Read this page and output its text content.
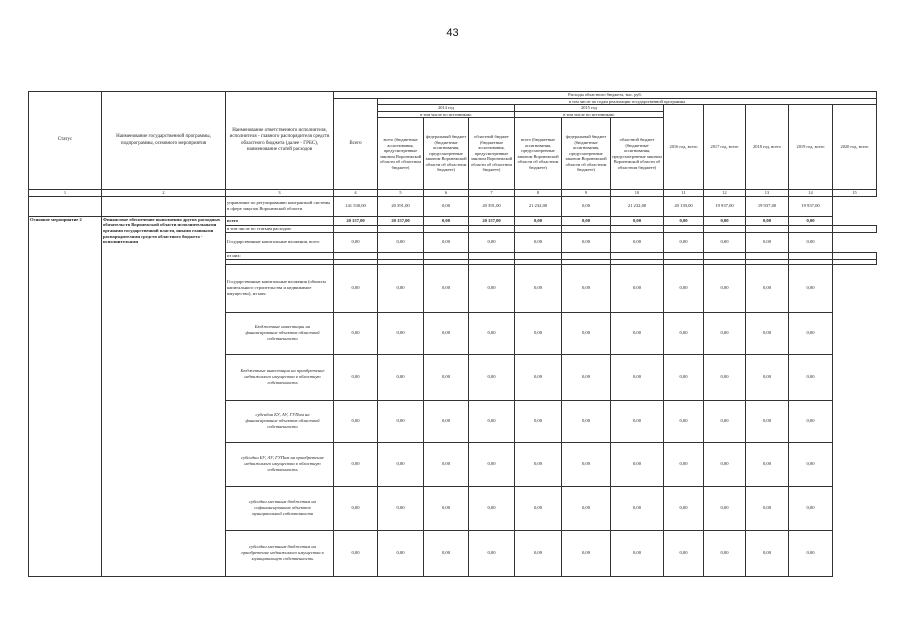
43
Статус	Наименование государственной программы, подпрограммы, основного мероприятия	Наименование ответственного исполнителя, исполнителя - главного распорядителя средств областного бюджета (далее - ГРБС), наименование статей расходов	Расходы областного бюджета, тыс. руб.											
			Всего	в том числе по годам реализации государственной программы										
				2014 год			2015 год			2016 год, всего	2017 год, всего	2018 год, всего	2019 год, всего	2020 год, всего
				в том числе по источникам:			в том числе по источникам:							
				всего (бюджетные ассигнования, предусмотренные законом Воронежской области об областном бюджете)	федеральный бюджет (бюджетные ассигнования, предусмотренные законом Воронежской области об областном бюджете)	областной бюджет (бюджетные ассигнования, предусмотренные законом Воронежской области об областном бюджете)	всего (бюджетные ассигнования, предусмотренные законом Воронежской области об областном бюджете)	федеральный бюджет (бюджетные ассигнования, предусмотренные законом Воронежской области об областном бюджете)	областной бюджет (бюджетные ассигнования, предусмотренные законом Воронежской области об областном бюджете)					
1	2	3	4	5	6	7	8	9	10	11	12	13	14	15
		управление по регулированию контрактной системы в сфере закупок Воронежской области	141 530,00	20 391,00	0,00	20 391,00	21 232,00	0,00	21 232,00	20 139,00	19 937,00	19 937,00	19 937,00	
Основное мероприятие 2	Финансовое обеспечение выполнения других расходных обязательств Воронежской области исполнительными органами государственной власти, иными главными распорядителями средств областного бюджета - исполнительями	всего	20 157,00	20 157,00	0,00	20 157,00	0,00	0,00	0,00	0,00	0,00	0,00	0,00	
		в том числе по статьям расходов:												
		Государственные капитальные вложения, всего	0,00	0,00	0,00	0,00	0,00	0,00	0,00	0,00	0,00	0,00	0,00	
		из них:												

		Государственные капитальные вложения (объекты капитального строительства и недвижимое имущество), из них:	0,00	0,00	0,00	0,00	0,00	0,00	0,00	0,00	0,00	0,00	0,00	
		Бюджетные инвестиции на финансирование объектов областной собственности	0,00	0,00	0,00	0,00	0,00	0,00	0,00	0,00	0,00	0,00	0,00	
		Бюджетные инвестиции на приобретение недвижимого имущества в областную собственность	0,00	0,00	0,00	0,00	0,00	0,00	0,00	0,00	0,00	0,00	0,00	
		субсидии БУ, АУ, ГУПам на финансирование объектов областной собственности	0,00	0,00	0,00	0,00	0,00	0,00	0,00	0,00	0,00	0,00	0,00	
		субсидии БУ, АУ, ГУПам на приобретение недвижимого имущества в областную собственность	0,00	0,00	0,00	0,00	0,00	0,00	0,00	0,00	0,00	0,00	0,00	
		субсидии местным бюджетам на софинансирование объектов муниципальной собственности	0,00	0,00	0,00	0,00	0,00	0,00	0,00	0,00	0,00	0,00	0,00	
		субсидии местным бюджетам на приобретение недвижимого имущества в муниципальную собственность	0,00	0,00	0,00	0,00	0,00	0,00	0,00	0,00	0,00	0,00	0,00	
